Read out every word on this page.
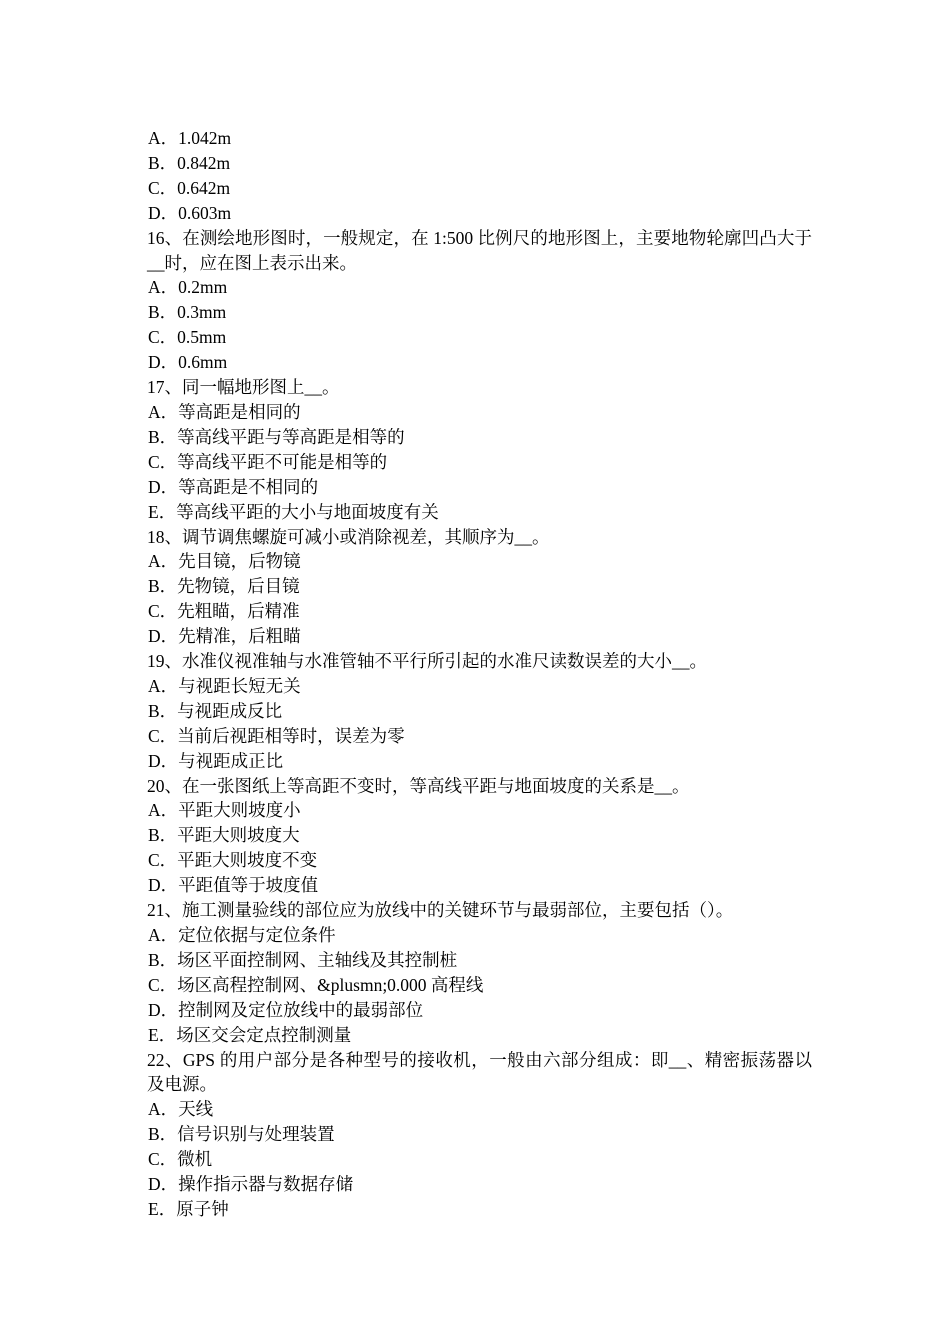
A．1.042m
B．0.842m
C．0.642m
D．0.603m
16、在测绘地形图时，一般规定，在 1:500 比例尺的地形图上，主要地物轮廓凹凸大于__时，应在图上表示出来。
A．0.2mm
B．0.3mm
C．0.5mm
D．0.6mm
17、同一幅地形图上__。
A．等高距是相同的
B．等高线平距与等高距是相等的
C．等高线平距不可能是相等的
D．等高距是不相同的
E．等高线平距的大小与地面坡度有关
18、调节调焦螺旋可减小或消除视差，其顺序为__。
A．先目镜，后物镜
B．先物镜，后目镜
C．先粗瞄，后精准
D．先精准，后粗瞄
19、水准仪视准轴与水准管轴不平行所引起的水准尺读数误差的大小__。
A．与视距长短无关
B．与视距成反比
C．当前后视距相等时，误差为零
D．与视距成正比
20、在一张图纸上等高距不变时，等高线平距与地面坡度的关系是__。
A．平距大则坡度小
B．平距大则坡度大
C．平距大则坡度不变
D．平距值等于坡度值
21、施工测量验线的部位应为放线中的关键环节与最弱部位，主要包括（）。
A．定位依据与定位条件
B．场区平面控制网、主轴线及其控制桩
C．场区高程控制网、&plusmn;0.000 高程线
D．控制网及定位放线中的最弱部位
E．场区交会定点控制测量
22、GPS 的用户部分是各种型号的接收机，一般由六部分组成：即__、精密振荡器以及电源。
A．天线
B．信号识别与处理装置
C．微机
D．操作指示器与数据存储
E．原子钟
